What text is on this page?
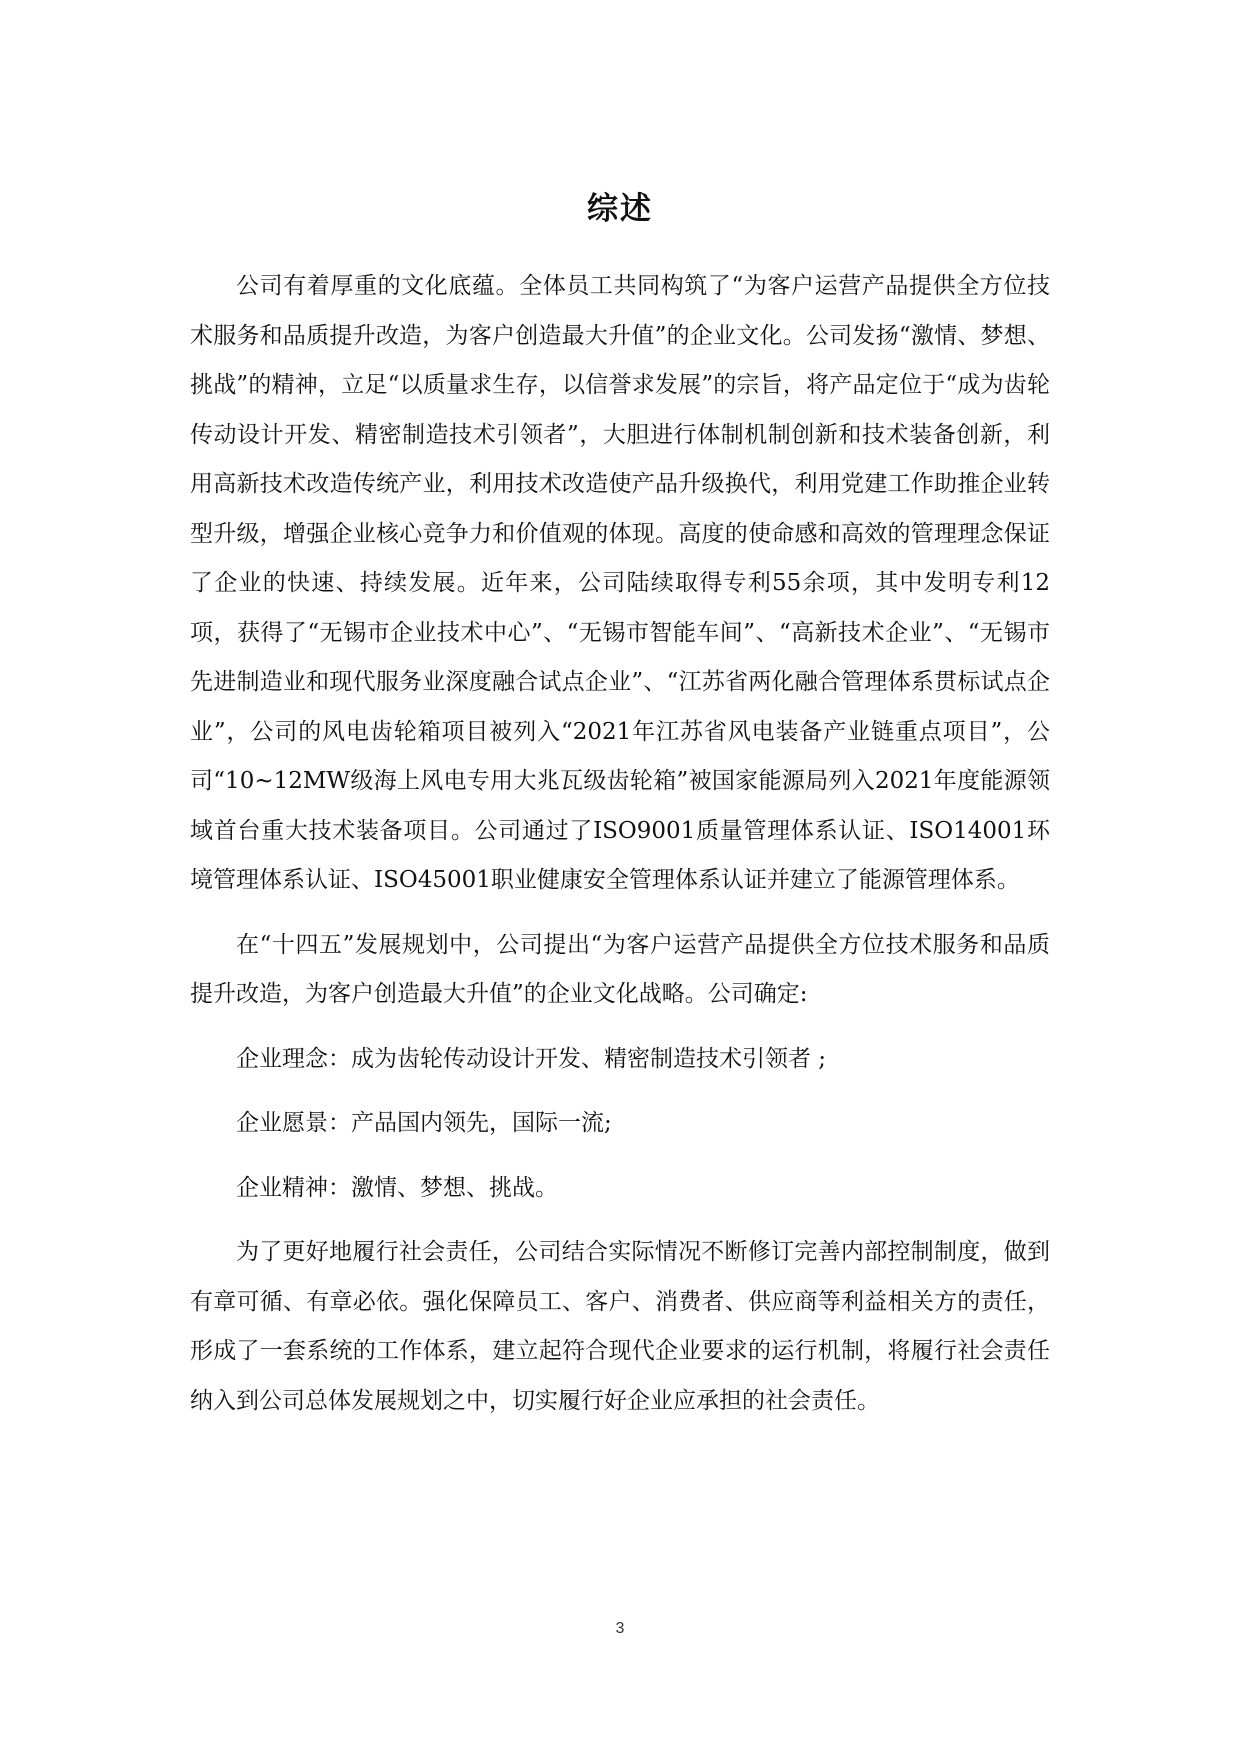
综述

公司有着厚重的文化底蕴。全体员工共同构筑了“为客户运营产品提供全方位技术服务和品质提升改造，为客户创造最大升值”的企业文化。公司发扬“激情、梦想、挑战”的精神，立足“以质量求生存，以信誉求发展”的宗旨，将产品定位于“成为齿轮传动设计开发、精密制造技术引领者”，大胆进行体制机制创新和技术装备创新，利用高新技术改造传统产业，利用技术改造使产品升级换代，利用党建工作助推企业转型升级，增强企业核心竞争力和价值观的体现。高度的使命感和高效的管理理念保证了企业的快速、持续发展。近年来，公司陆续取得专利55余项，其中发明专利12项，获得了“无锡市企业技术中心”、“无锡市智能车间”、“高新技术企业”、“无锡市先进制造业和现代服务业深度融合试点企业”、“江苏省两化融合管理体系贯标试点企业”，公司的风电齿轮箱项目被列入“2021年江苏省风电装备产业链重点项目”，公司“10~12MW级海上风电专用大兆瓦级齿轮箱”被国家能源局列入2021年度能源领域首台重大技术装备项目。公司通过了ISO9001质量管理体系认证、ISO14001环境管理体系认证、ISO45001职业健康安全管理体系认证并建立了能源管理体系。

在“十四五”发展规划中，公司提出“为客户运营产品提供全方位技术服务和品质提升改造，为客户创造最大升值”的企业文化战略。公司确定:

企业理念：成为齿轮传动设计开发、精密制造技术引领者 ;

企业愿景：产品国内领先，国际一流;

企业精神：激情、梦想、挑战。

为了更好地履行社会责任，公司结合实际情况不断修订完善内部控制制度，做到有章可循、有章必依。强化保障员工、客户、消费者、供应商等利益相关方的责任，形成了一套系统的工作体系，建立起符合现代企业要求的运行机制，将履行社会责任纳入到公司总体发展规划之中，切实履行好企业应承担的社会责任。

3
